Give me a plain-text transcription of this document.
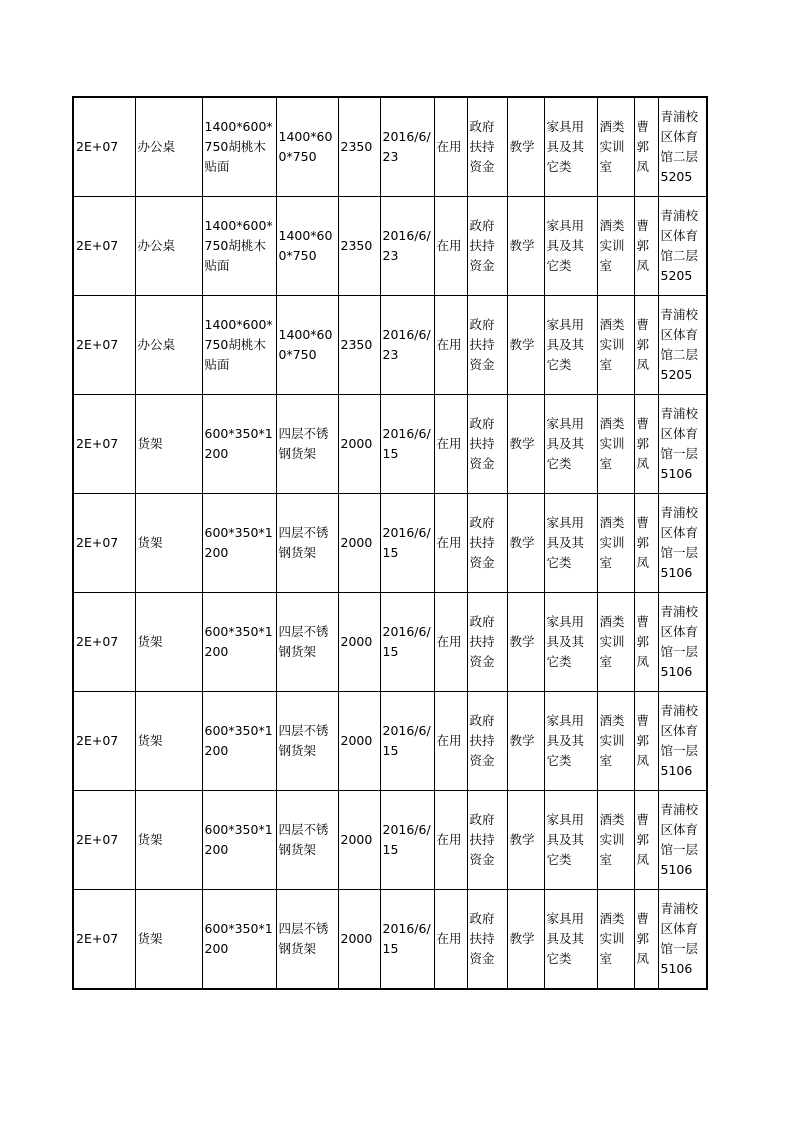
2E+07	办公桌	1400*600*750胡桃木贴面	1400*600*750	2350	2016/6/23	在用	政府扶持资金	教学	家具用具及其它类	酒类实训室	曹郭凤	青浦校区体育馆二层5205
2E+07	办公桌	1400*600*750胡桃木贴面	1400*600*750	2350	2016/6/23	在用	政府扶持资金	教学	家具用具及其它类	酒类实训室	曹郭凤	青浦校区体育馆二层5205
2E+07	办公桌	1400*600*750胡桃木贴面	1400*600*750	2350	2016/6/23	在用	政府扶持资金	教学	家具用具及其它类	酒类实训室	曹郭凤	青浦校区体育馆二层5205
2E+07	货架	600*350*1200	四层不锈钢货架	2000	2016/6/15	在用	政府扶持资金	教学	家具用具及其它类	酒类实训室	曹郭凤	青浦校区体育馆一层5106
2E+07	货架	600*350*1200	四层不锈钢货架	2000	2016/6/15	在用	政府扶持资金	教学	家具用具及其它类	酒类实训室	曹郭凤	青浦校区体育馆一层5106
2E+07	货架	600*350*1200	四层不锈钢货架	2000	2016/6/15	在用	政府扶持资金	教学	家具用具及其它类	酒类实训室	曹郭凤	青浦校区体育馆一层5106
2E+07	货架	600*350*1200	四层不锈钢货架	2000	2016/6/15	在用	政府扶持资金	教学	家具用具及其它类	酒类实训室	曹郭凤	青浦校区体育馆一层5106
2E+07	货架	600*350*1200	四层不锈钢货架	2000	2016/6/15	在用	政府扶持资金	教学	家具用具及其它类	酒类实训室	曹郭凤	青浦校区体育馆一层5106
2E+07	货架	600*350*1200	四层不锈钢货架	2000	2016/6/15	在用	政府扶持资金	教学	家具用具及其它类	酒类实训室	曹郭凤	青浦校区体育馆一层5106
